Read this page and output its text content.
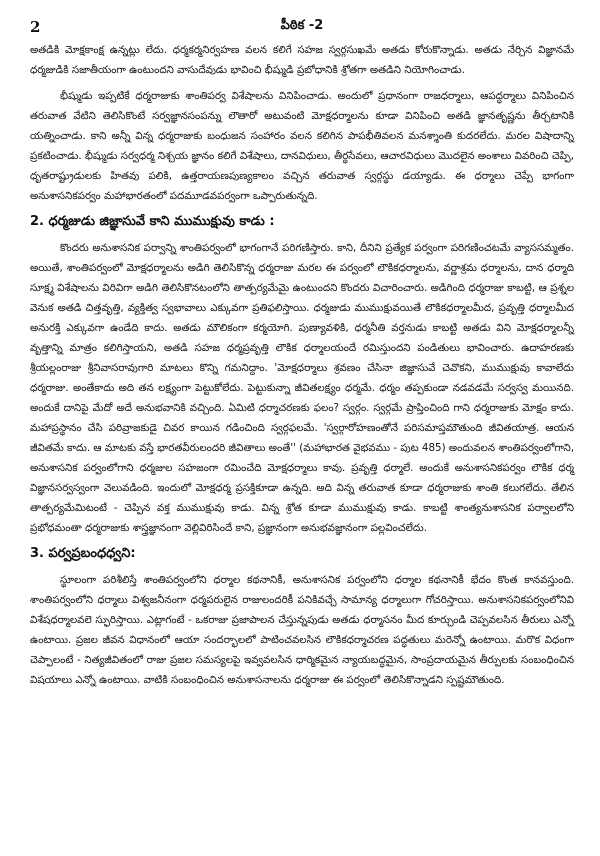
2	పీఠిక -2

అతడికి మోక్షకాంక్ష ఉన్నట్లు లేదు. ధర్మకర్మనిర్వహణ వలన కలిగే సహజ స్వర్గసుఖమే అతడు కోరుకొన్నాడు. అతడు నేర్చిన విజ్ఞానమే ధర్మజుడికి సజాతీయంగా ఉంటుందని వాసుదేవుడు భావించి భీష్ముడి ప్రబోధానికి శ్రోతగా అతడిని నియోగించాడు.

భీష్ముడు ఇప్పటికే ధర్మరాజుకు శాంతిపర్వ విశేషాలను వినిపించాడు. అందులో ప్రధానంగా రాజధర్మాలు, ఆపద్ధర్మాలు వినిపించిన తరువాత వేటిని తెలిసికొంటే సర్వజ్ఞానసంపన్ను లౌతారో అటువంటి మోక్షధర్మాలను కూడా వినిపించి అతడి జ్ఞానతృష్ణను తీర్చటానికి యత్నించాడు. కాని అన్నీ విన్న ధర్మరాజుకు బంధుజన సంహారం వలన కలిగిన పాపభీతివలన మనశ్శాంతి కుదరలేదు. మరల విషాదాన్ని ప్రకటించాడు. భీష్ముడు సర్వధర్మ నిశ్చయ జ్ఞానం కలిగే విశేషాలు, దానవిధులు, తీర్థసేవలు, ఆచారవిధులు మొదలైన అంశాలు వివరించి చెప్పి, ధృతరాష్ట్రుడులకు హితవు పలికి, ఉత్తరాయణపుణ్యకాలం వచ్చిన తరువాత స్వర్గస్థు డయ్యాడు. ఈ ధర్మాలు చెప్పే భాగంగా అనుశాసనికపర్వం మహాభారతంలో పదమూడవపర్వంగా ఒప్పారుతున్నది.

2. ధర్మజుడు జిజ్ఞాసువే కాని ముముక్షువు కాడు :

కొందరు అనుశాసనిక పర్వాన్ని శాంతిపర్వంలో భాగంగానే పరిగణిస్తారు. కాని, దీనిని ప్రత్యేక పర్వంగా పరిగణించటమే వ్యాససమ్మతం. అయితే, శాంతిపర్వంలో మోక్షధర్మాలను అడిగి తెలిసికొన్న ధర్మరాజు మరల ఈ పర్వంలో లౌకికధర్మాలను, వర్ణాశ్రమ ధర్మాలను, దాన ధర్మాది సూక్ష్మ విశేషాలను విరివిగా అడిగి తెలిసికొనటంలోని తాత్పర్యమేమై ఉంటుందని కొందరు విచారించారు. అడిగింది ధర్మరాజు కాబట్టి, ఆ ప్రశ్నల వెనుక అతడి చిత్తవృత్తి, వ్యక్తిత్వ స్వభావాలు ఎక్కువగా ప్రతిఫలిస్తాయి. ధర్మజుడు ముముక్షువయితే లౌకికధర్మాలమీద, ప్రవృత్తి ధర్మాలమీద అనురక్తి ఎక్కువగా ఉండేది కాదు. అతడు మౌలికంగా కర్మయోగి. పుణ్యావళికి, ధర్మనీతి వర్తనుడు కాబట్టి అతడు విని మోక్షధర్మాలన్నీ వృత్తాన్ని మాత్రం కలిగిస్తాయని, అతడి సహజ ధర్మప్రవృత్తి లౌకిక ధర్మాలయందే రమిస్తుందని పండితులు భావించారు. ఉదాహరణకు శ్రీయల్లంరాజు శ్రీనివాసరావుగారి మాటలు కొన్ని గమనిద్దాం. 'మోక్షధర్మాలు శ్రవణం చేసినా జిజ్ఞాసువే చెవొకని, ముముక్షువు కావాలేదు ధర్మరాజు. అంతేకాదు అది తన లక్ష్యంగా పెట్టుకోలేదు. పెట్టుకున్నా జీవితలక్ష్యం ధర్మమే. ధర్మం తప్పకుండా నడవడమే సర్వస్వ మయినది. అందుకే దానిపై మేదో అదే అనుభవానికి వచ్చింది. ఏమిటి ధర్మాచరణకు ఫలం? స్వర్గం. స్వర్గమే ప్రాప్తించింది గాని ధర్మరాజుకు మోక్షం కాదు. మహాప్రస్థానం చేసి పరివ్రాజకుడై చివర కాయిన గడించింది స్వర్గఫలమే. 'స్వర్గారోహణంతోనే పరిసమాప్తమౌతుంది జీవితయాత్ర. ఆయన జీవితమే కాదు. ఆ మాటకు వస్తే భారతవీరులందరి జీవితాలు అంతే'' (మహాభారత వైభవము - పుట 485) అందువలన శాంతిపర్వంలోగాని, అనుశాసనిక పర్వంలోగాని ధర్మజుల సహజంగా రమించేది మోక్షధర్మాలు కావు. ప్రవృత్తి ధర్మాలే. అందుకే అనుశాసనికపర్వం లౌకిక ధర్మ విజ్ఞానసర్వస్వంగా వెలువడింది. ఇందులో మోక్షధర్మ ప్రసక్తికూడా ఉన్నది. అది విన్న తరువాత కూడా ధర్మరాజుకు శాంతి కలుగలేదు. తేలిన తాత్పర్యమేమిటంటే - చెప్పిన వక్త ముముక్షువు కాడు. విన్న శ్రోత కూడా ముముక్షువు కాడు. కాబట్టి శాంత్యనుశాసనిక పర్వాలలోని ప్రభోధమంతా ధర్మరాజుకు శాస్త్రజ్ఞానంగా వెల్లివిరిసిందే కాని, ప్రజ్ఞానంగా అనుభవజ్ఞానంగా పల్లవించలేదు.

3. పర్వప్రబంధధ్వని:

స్థూలంగా పరిశీలిస్తే శాంతిపర్వంలోని ధర్మాల కథనానికీ, అనుశాసనిక పర్వంలోని ధర్మాల కథనానికీ భేదం కొంత కానవస్తుంది. శాంతిపర్వంలోని ధర్మాలు విశ్వజనీనంగా ధర్మపరులైన రాజులందరికీ పనికివచ్చే సామాన్య ధర్మాలుగా గోచరిస్తాయి. అనుశాసనికపర్వంలోనివి విశేషధర్మాలవలె స్ఫురిస్తాయి. ఎట్లాగంటే - ఒకరాజు ప్రజాపాలన చేస్తున్నపుడు అతడు ధర్మాసనం మీద కూర్చుండి చెప్పవలసిన తీరులు ఎన్నో ఉంటాయి. ప్రజల జీవన విధానంలో ఆయా సందర్భాలలో పాటించవలసిన లౌకికధర్మాచరణ పద్ధతులు మరెన్నో ఉంటాయి. మరొక విధంగా చెప్పాలంటే - నిత్యజీవితంలో రాజు ప్రజల సమస్యలపై ఇవ్వవలసిన ధార్మికమైన న్యాయబద్ధమైన, సాంప్రదాయమైన తీర్పులకు సంబంధించిన విషయాలు ఎన్నో ఉంటాయి. వాటికి సంబంధించిన అనుశాసనాలను ధర్మరాజు ఈ పర్వంలో తెలిసికొన్నాడని స్పష్టమౌతుంది.
